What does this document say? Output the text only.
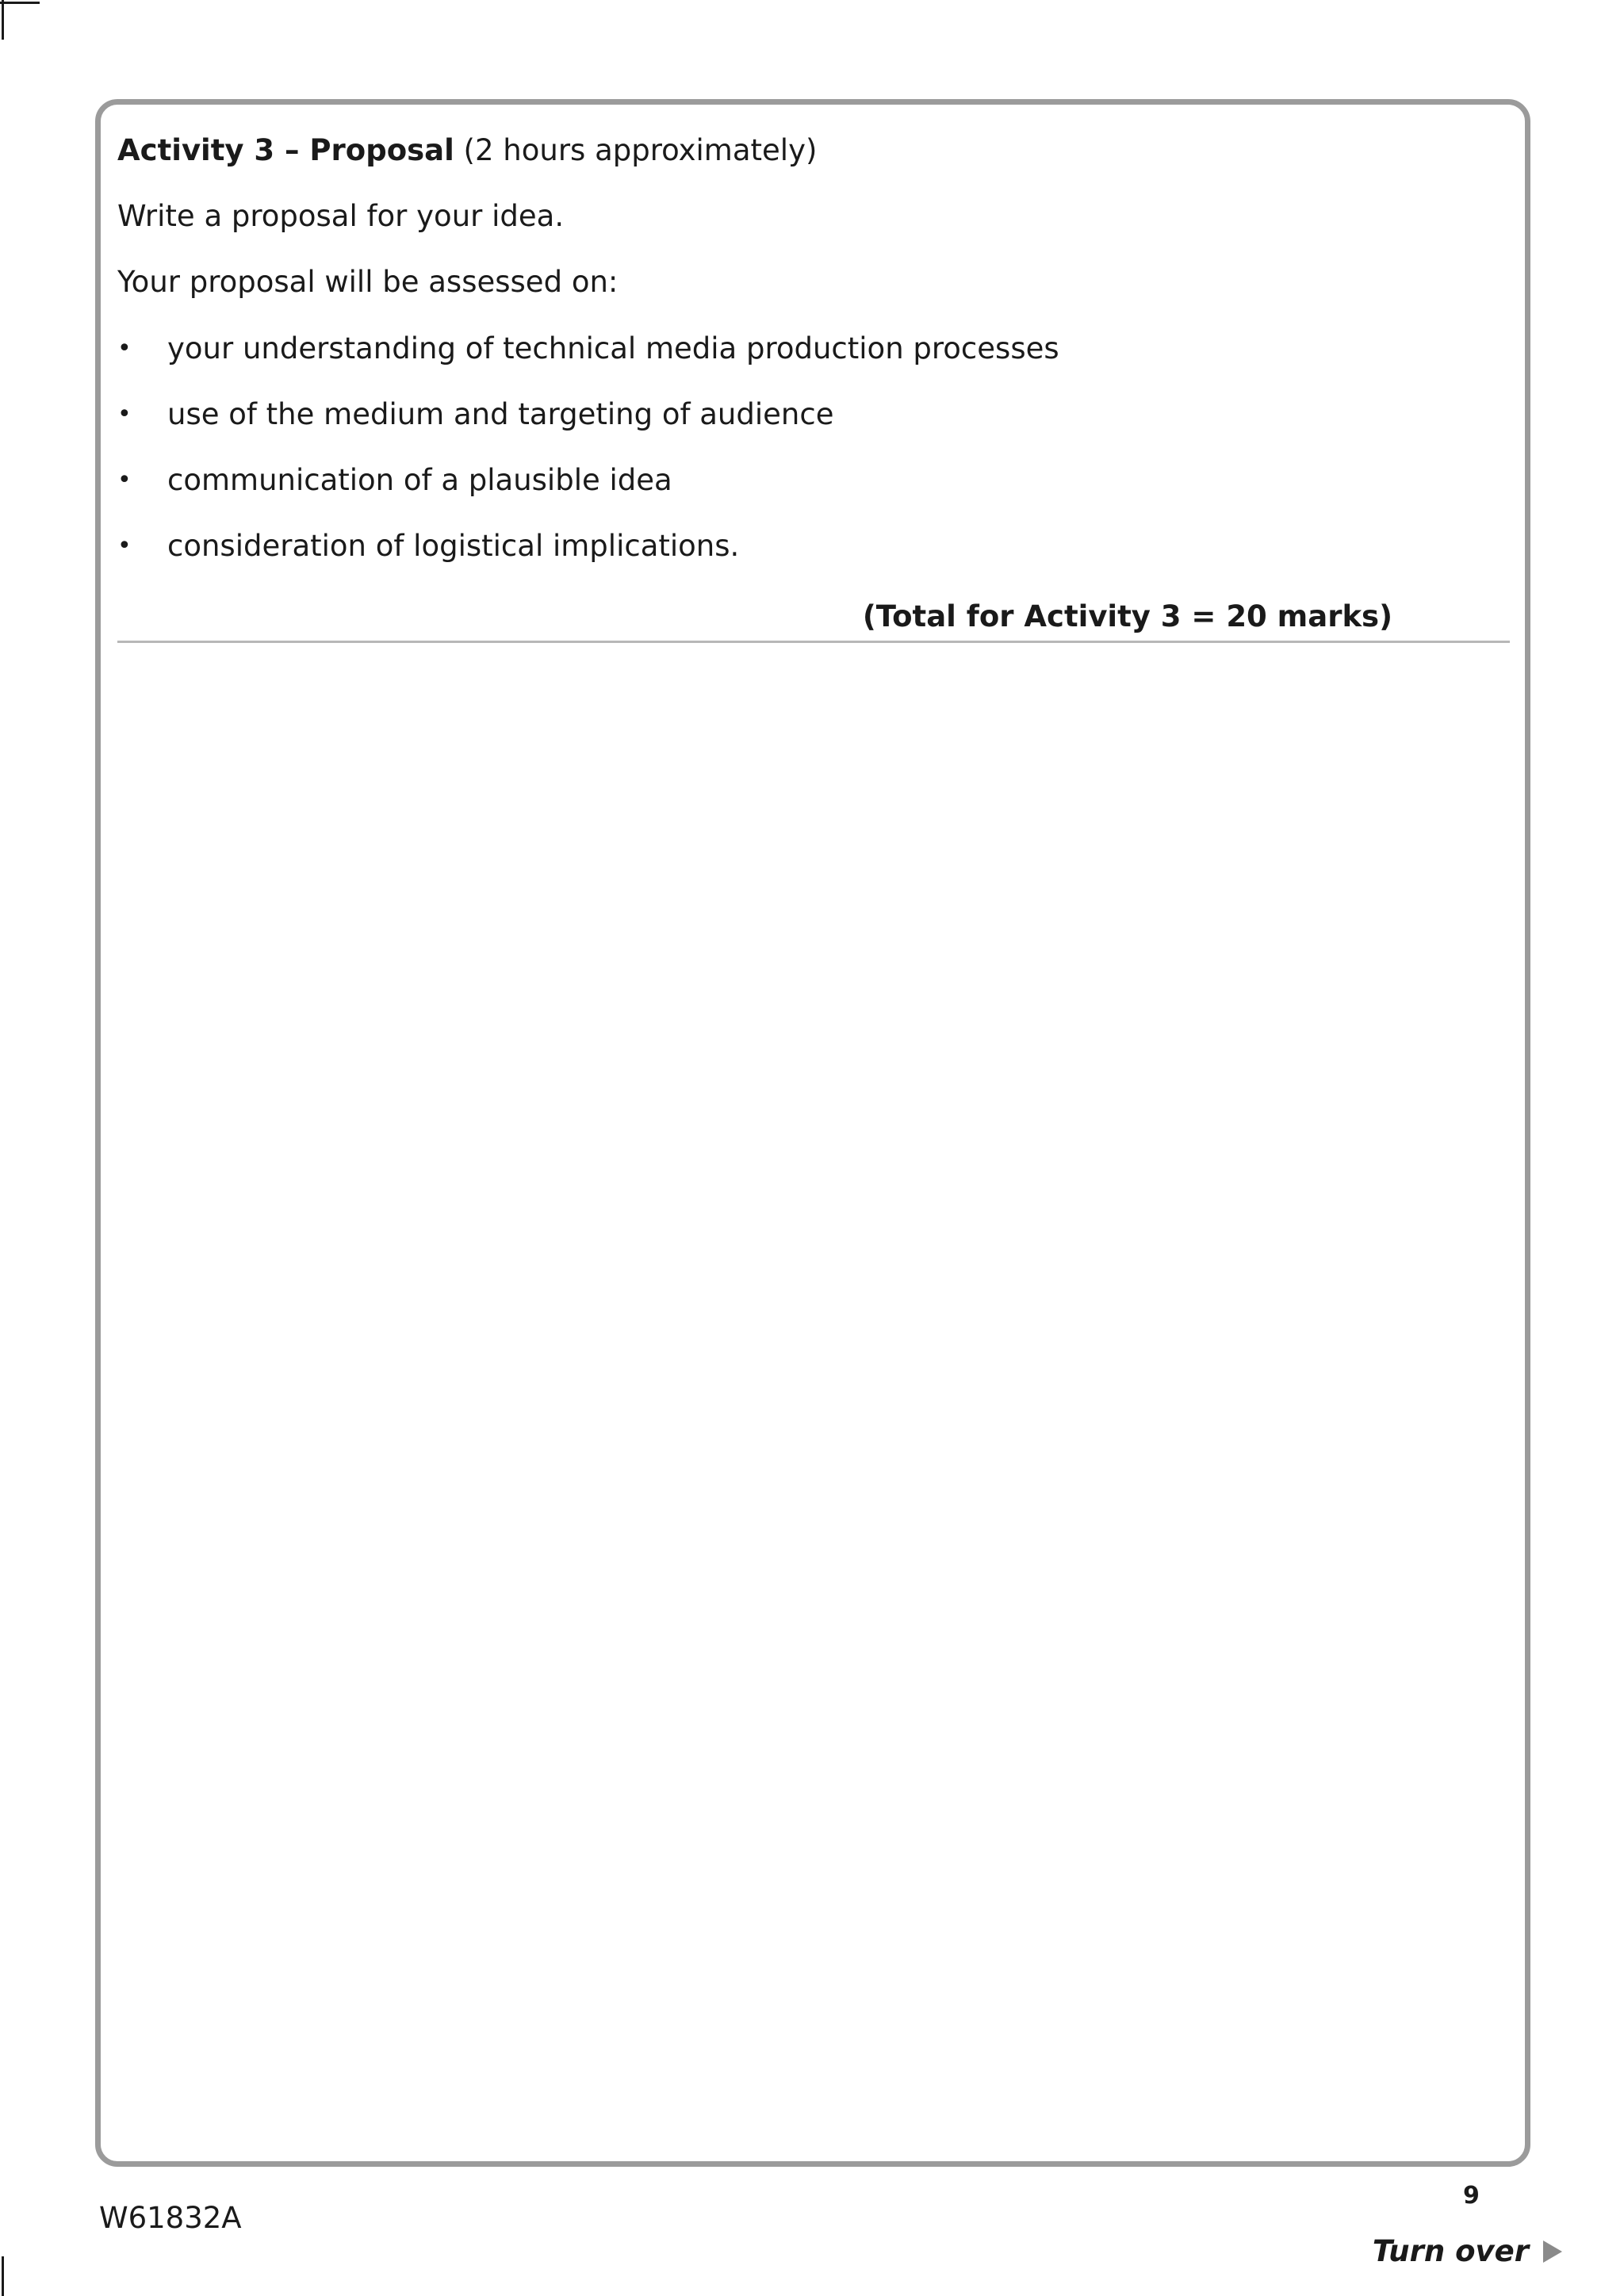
Activity 3 – Proposal (2 hours approximately)
Write a proposal for your idea.
Your proposal will be assessed on:
•	your understanding of technical media production processes
•	use of the medium and targeting of audience
•	communication of a plausible idea
•	consideration of logistical implications.
(Total for Activity 3 = 20 marks)
9
W61832A
Turn over
